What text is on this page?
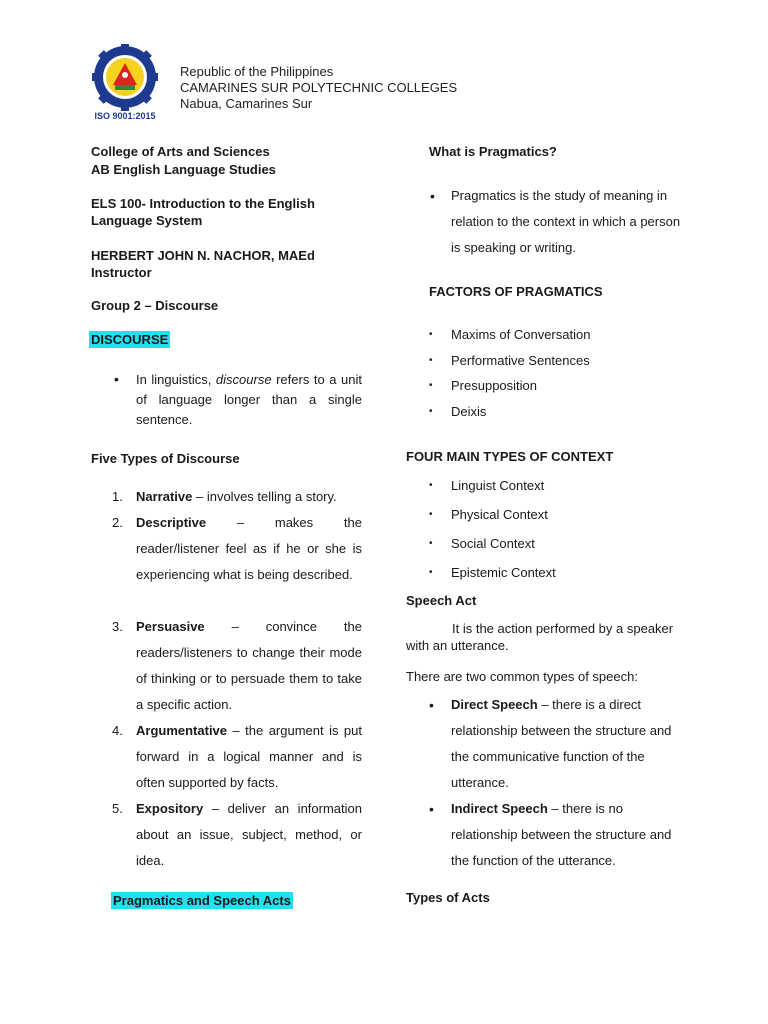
ISO 9001:2015
Republic of the Philippines
CAMARINES SUR POLYTECHNIC COLLEGES
Nabua, Camarines Sur
College of Arts and Sciences
AB English Language Studies
ELS 100- Introduction to the English
Language System
HERBERT JOHN N. NACHOR, MAEd
Instructor
Group 2 – Discourse
DISCOURSE
• In linguistics, discourse refers to a unit of language longer than a single sentence.
Five Types of Discourse
1. Narrative – involves telling a story.
2. Descriptive – makes the reader/listener feel as if he or she is experiencing what is being described.
3. Persuasive – convince the readers/listeners to change their mode of thinking or to persuade them to take a specific action.
4. Argumentative – the argument is put forward in a logical manner and is often supported by facts.
5. Expository – deliver an information about an issue, subject, method, or idea.
Pragmatics and Speech Acts
What is Pragmatics?
• Pragmatics is the study of meaning in relation to the context in which a person is speaking or writing.
FACTORS OF PRAGMATICS
• Maxims of Conversation
• Performative Sentences
• Presupposition
• Deixis
FOUR MAIN TYPES OF CONTEXT
• Linguist Context
• Physical Context
• Social Context
• Epistemic Context
Speech Act
It is the action performed by a speaker with an utterance.
There are two common types of speech:
• Direct Speech – there is a direct relationship between the structure and the communicative function of the utterance.
• Indirect Speech – there is no relationship between the structure and the function of the utterance.
Types of Acts
